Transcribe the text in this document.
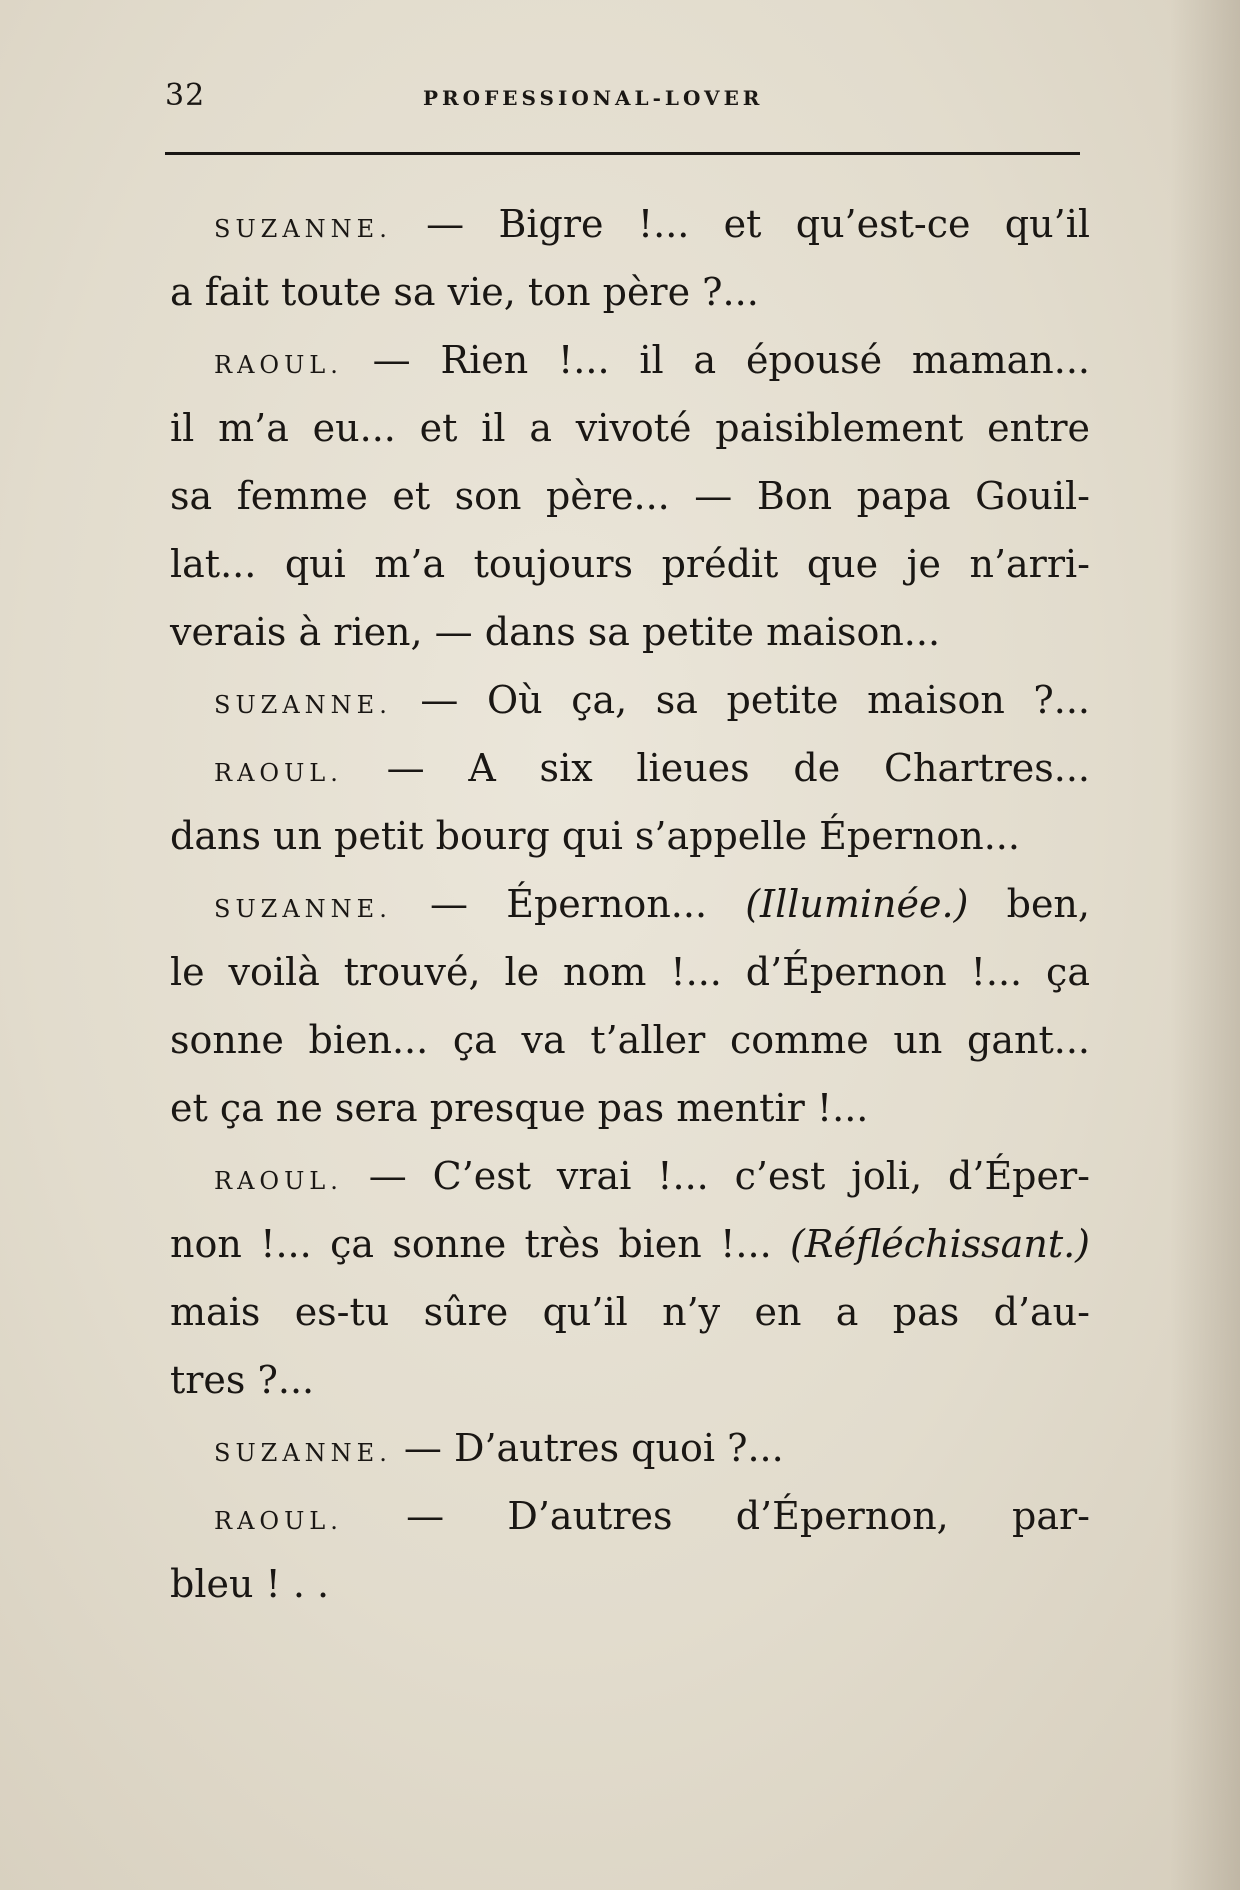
32	PROFESSIONAL-LOVER
SUZANNE. — Bigre !... et qu’est-ce qu’il
a fait toute sa vie, ton père ?...
RAOUL. — Rien !... il a épousé maman...
il m’a eu... et il a vivoté paisiblement entre
sa femme et son père... — Bon papa Gouil-
lat... qui m’a toujours prédit que je n’arri-
verais à rien, — dans sa petite maison...
SUZANNE. — Où ça, sa petite maison ?...
RAOUL. — A six lieues de Chartres...
dans un petit bourg qui s’appelle Épernon...
SUZANNE. — Épernon... (Illuminée.) ben,
le voilà trouvé, le nom !... d’Épernon !... ça
sonne bien... ça va t’aller comme un gant...
et ça ne sera presque pas mentir !...
RAOUL. — C’est vrai !... c’est joli, d’Éper-
non !... ça sonne très bien !... (Réfléchissant.)
mais es-tu sûre qu’il n’y en a pas d’au-
tres ?...
SUZANNE. — D’autres quoi ?...
RAOUL. — D’autres d’Épernon, par-
bleu ! . .
